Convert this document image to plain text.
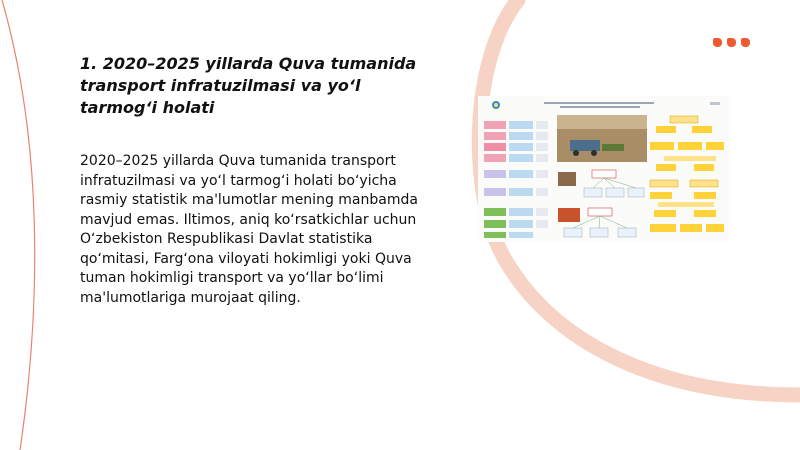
1. 2020–2025 yillarda Quva tumanida transport infratuzilmasi va yoʻl tarmogʻi holati

2020–2025 yillarda Quva tumanida transport infratuzilmasi va yoʻl tarmogʻi holati boʻyicha rasmiy statistik ma'lumotlar mening manbamda mavjud emas. Iltimos, aniq koʻrsatkichlar uchun Oʻzbekiston Respublikasi Davlat statistika qoʻmitasi, Fargʻona viloyati hokimligi yoki Quva tuman hokimligi transport va yoʻllar boʻlimi ma'lumotlariga murojaat qiling.
